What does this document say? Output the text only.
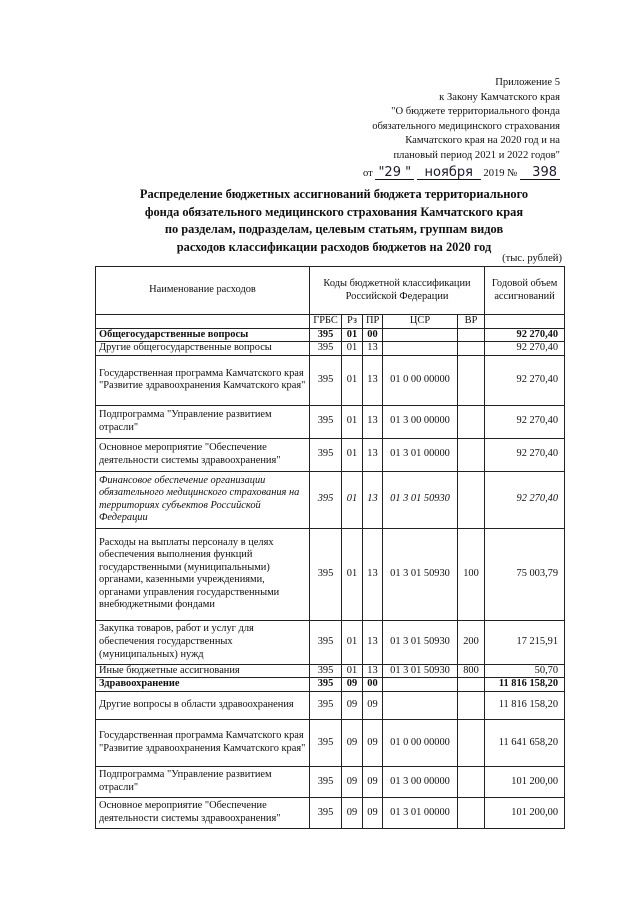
Приложение 5
к Закону Камчатского края
"О бюджете территориального фонда
обязательного медицинского страхования
Камчатского края на 2020 год и на
плановый период 2021 и 2022 годов"
от "29 " ноября 2019 № 398
Распределение бюджетных ассигнований бюджета территориального
фонда обязательного медицинского страхования Камчатского края
по разделам, подразделам, целевым статьям, группам видов
расходов классификации расходов бюджетов на 2020 год
(тыс. рублей)
Наименование расходов	Коды бюджетной классификации Российской Федерации					Годовой объем ассигнований
	ГРБС	Рз	ПР	ЦСР	ВР	
Общегосударственные вопросы	395	01	00			92 270,40
Другие общегосударственные вопросы	395	01	13			92 270,40
Государственная программа Камчатского края "Развитие здравоохранения Камчатского края"	395	01	13	01 0 00 00000		92 270,40
Подпрограмма "Управление развитием отрасли"	395	01	13	01 3 00 00000		92 270,40
Основное мероприятие "Обеспечение деятельности системы здравоохранения"	395	01	13	01 3 01 00000		92 270,40
Финансовое обеспечение организации обязательного медицинского страхования на территориях субъектов Российской Федерации	395	01	13	01 3 01 50930		92 270,40
Расходы на выплаты персоналу в целях обеспечения выполнения функций государственными (муниципальными) органами, казенными учреждениями, органами управления государственными внебюджетными фондами	395	01	13	01 3 01 50930	100	75 003,79
Закупка товаров, работ и услуг для обеспечения государственных (муниципальных) нужд	395	01	13	01 3 01 50930	200	17 215,91
Иные бюджетные ассигнования	395	01	13	01 3 01 50930	800	50,70
Здравоохранение	395	09	00			11 816 158,20
Другие вопросы в области здравоохранения	395	09	09			11 816 158,20
Государственная программа Камчатского края "Развитие здравоохранения Камчатского края"	395	09	09	01 0 00 00000		11 641 658,20
Подпрограмма "Управление развитием отрасли"	395	09	09	01 3 00 00000		101 200,00
Основное мероприятие "Обеспечение деятельности системы здравоохранения"	395	09	09	01 3 01 00000		101 200,00
